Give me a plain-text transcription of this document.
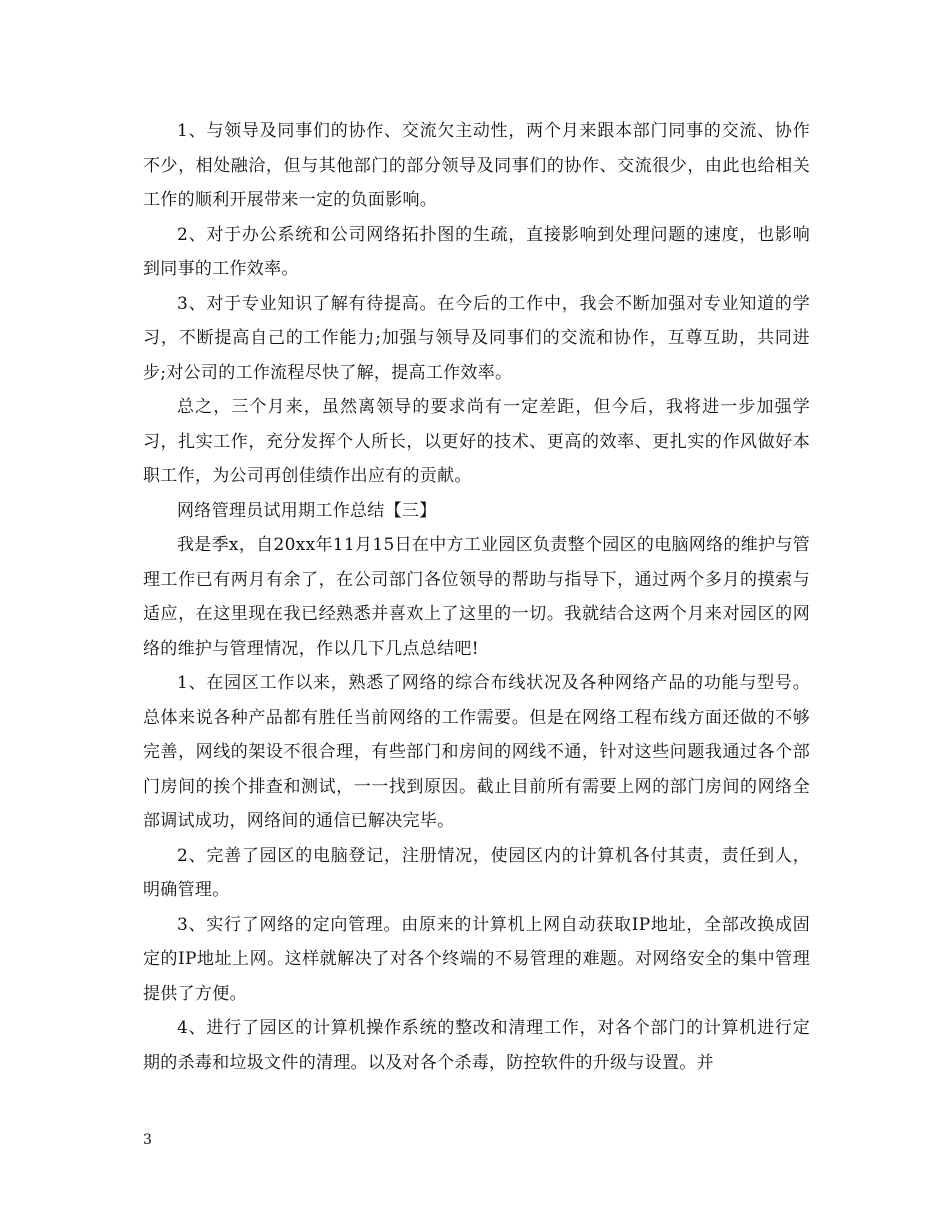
1、与领导及同事们的协作、交流欠主动性，两个月来跟本部门同事的交流、协作不少，相处融洽，但与其他部门的部分领导及同事们的协作、交流很少，由此也给相关工作的顺利开展带来一定的负面影响。

2、对于办公系统和公司网络拓扑图的生疏，直接影响到处理问题的速度，也影响到同事的工作效率。

3、对于专业知识了解有待提高。在今后的工作中，我会不断加强对专业知道的学习，不断提高自己的工作能力;加强与领导及同事们的交流和协作，互尊互助，共同进步;对公司的工作流程尽快了解，提高工作效率。

总之，三个月来，虽然离领导的要求尚有一定差距，但今后，我将进一步加强学习，扎实工作，充分发挥个人所长，以更好的技术、更高的效率、更扎实的作风做好本职工作，为公司再创佳绩作出应有的贡献。

网络管理员试用期工作总结【三】

我是季x，自20xx年11月15日在中方工业园区负责整个园区的电脑网络的维护与管理工作已有两月有余了，在公司部门各位领导的帮助与指导下，通过两个多月的摸索与适应，在这里现在我已经熟悉并喜欢上了这里的一切。我就结合这两个月来对园区的网络的维护与管理情况，作以几下几点总结吧!

1、在园区工作以来，熟悉了网络的综合布线状况及各种网络产品的功能与型号。总体来说各种产品都有胜任当前网络的工作需要。但是在网络工程布线方面还做的不够完善，网线的架设不很合理，有些部门和房间的网线不通，针对这些问题我通过各个部门房间的挨个排查和测试，一一找到原因。截止目前所有需要上网的部门房间的网络全部调试成功，网络间的通信已解决完毕。

2、完善了园区的电脑登记，注册情况，使园区内的计算机各付其责，责任到人，明确管理。

3、实行了网络的定向管理。由原来的计算机上网自动获取IP地址，全部改换成固定的IP地址上网。这样就解决了对各个终端的不易管理的难题。对网络安全的集中管理提供了方便。

4、进行了园区的计算机操作系统的整改和清理工作，对各个部门的计算机进行定期的杀毒和垃圾文件的清理。以及对各个杀毒，防控软件的升级与设置。并

3
